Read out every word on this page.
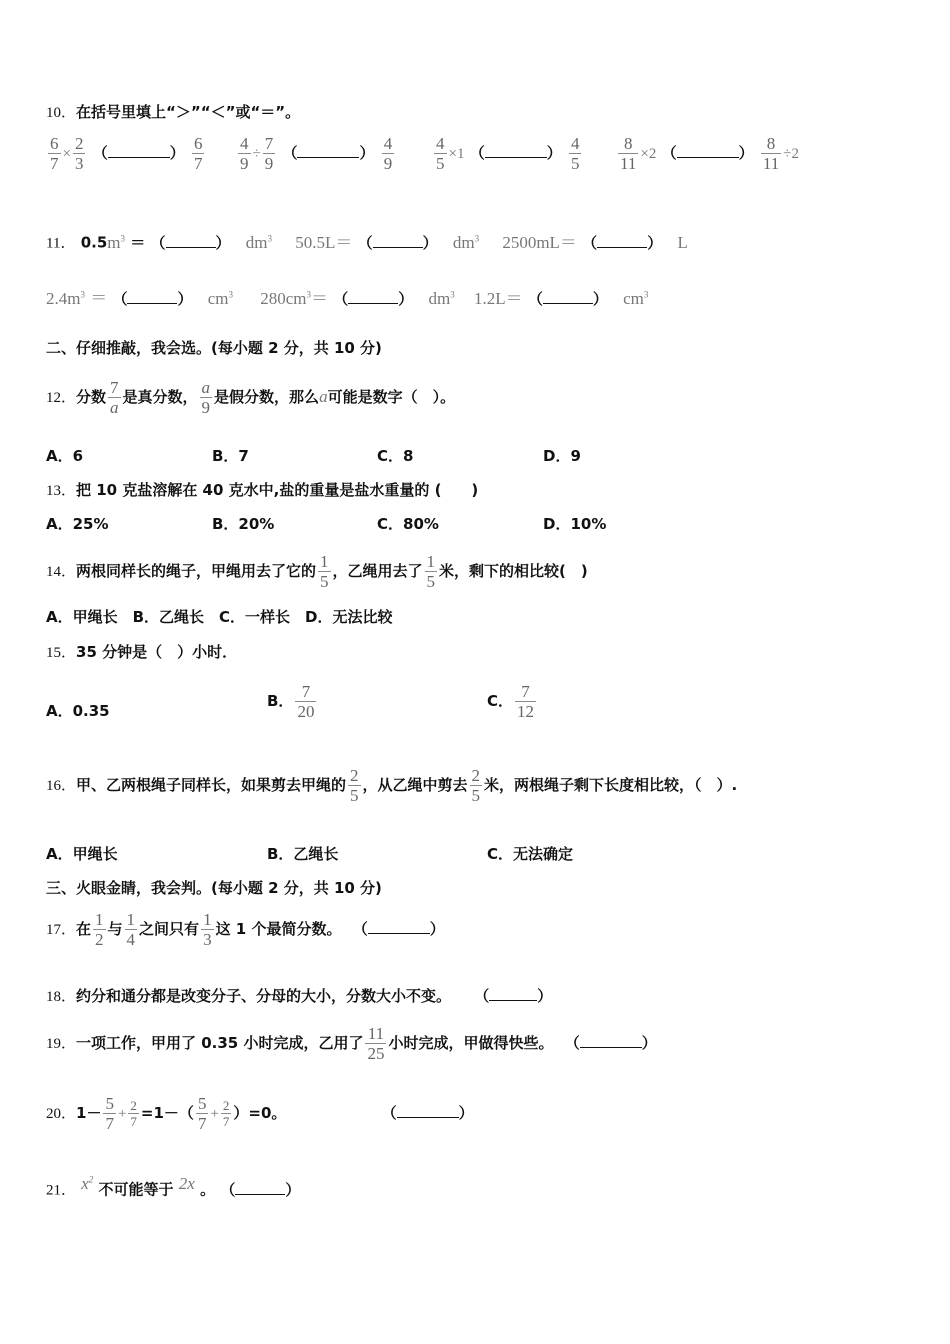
10．在括号里填上“＞”“＜”或“＝”。
$\frac{6}{7} \times \frac{2}{3}$ （	） $\frac{6}{7} \frac{4}{9} \div \frac{7}{9}$ （	） $\frac{4}{9} \frac{4}{5} \times 1$ （	） $\frac{4}{5} \frac{8}{11} \times 2$ （	） $\frac{8}{11} \div 2$
11． $0.5m^3$ ＝ （	） $dm^3$ 50.5L＝ （	） $dm^3$ 2500mL＝ （	） L
$2.4m^3$ ＝ （	） $cm^3$ $280cm^3=$ （	） $dm^3$ 1.2L＝ （	） $cm^3$
二、仔细推敲，我会选。(每小题 2 分，共 10 分)
12．分数 $\frac{7}{a}$ 是真分数， $\frac{a}{9}$ 是假分数，那么a可能是数字（　）。
A．6	B．7	C．8	D．9
13．把 10 克盐溶解在 40 克水中,盐的重量是盐水重量的 (　　)
A．25%	B．20%	C．80%	D．10%
14．两根同样长的绳子，甲绳用去了它的 $\frac{1}{5}$ ，乙绳用去了 $\frac{1}{5}$ 米，剩下的相比较(　)
A．甲绳长　B．乙绳长　C．一样长　D．无法比较
15．35 分钟是（　）小时．
A．0.35
B． $\frac{7}{20}$	C． $\frac{7}{12}$
16．甲、乙两根绳子同样长，如果剪去甲绳的 $\frac{2}{5}$ ，从乙绳中剪去 $\frac{2}{5}$ 米，两根绳子剩下长度相比较，（　）.
A．甲绳长	B．乙绳长	C．无法确定
三、火眼金睛，我会判。(每小题 2 分，共 10 分)
17．在 $\frac{1}{2}$ 与 $\frac{1}{4}$ 之间只有 $\frac{1}{3}$ 这 1 个最简分数。 （	）
18．约分和通分都是改变分子、分母的大小，分数大小不变。 （	）
19．一项工作，甲用了 0.35 小时完成，乙用了 $\frac{11}{25}$ 小时完成，甲做得快些。 （	）
20．$1- \frac{5}{7} + \frac{2}{7} =1-( \frac{5}{7} + \frac{2}{7} )=0$。	（	）
21． $x^2$ 不可能等于 2x 。 （	）
